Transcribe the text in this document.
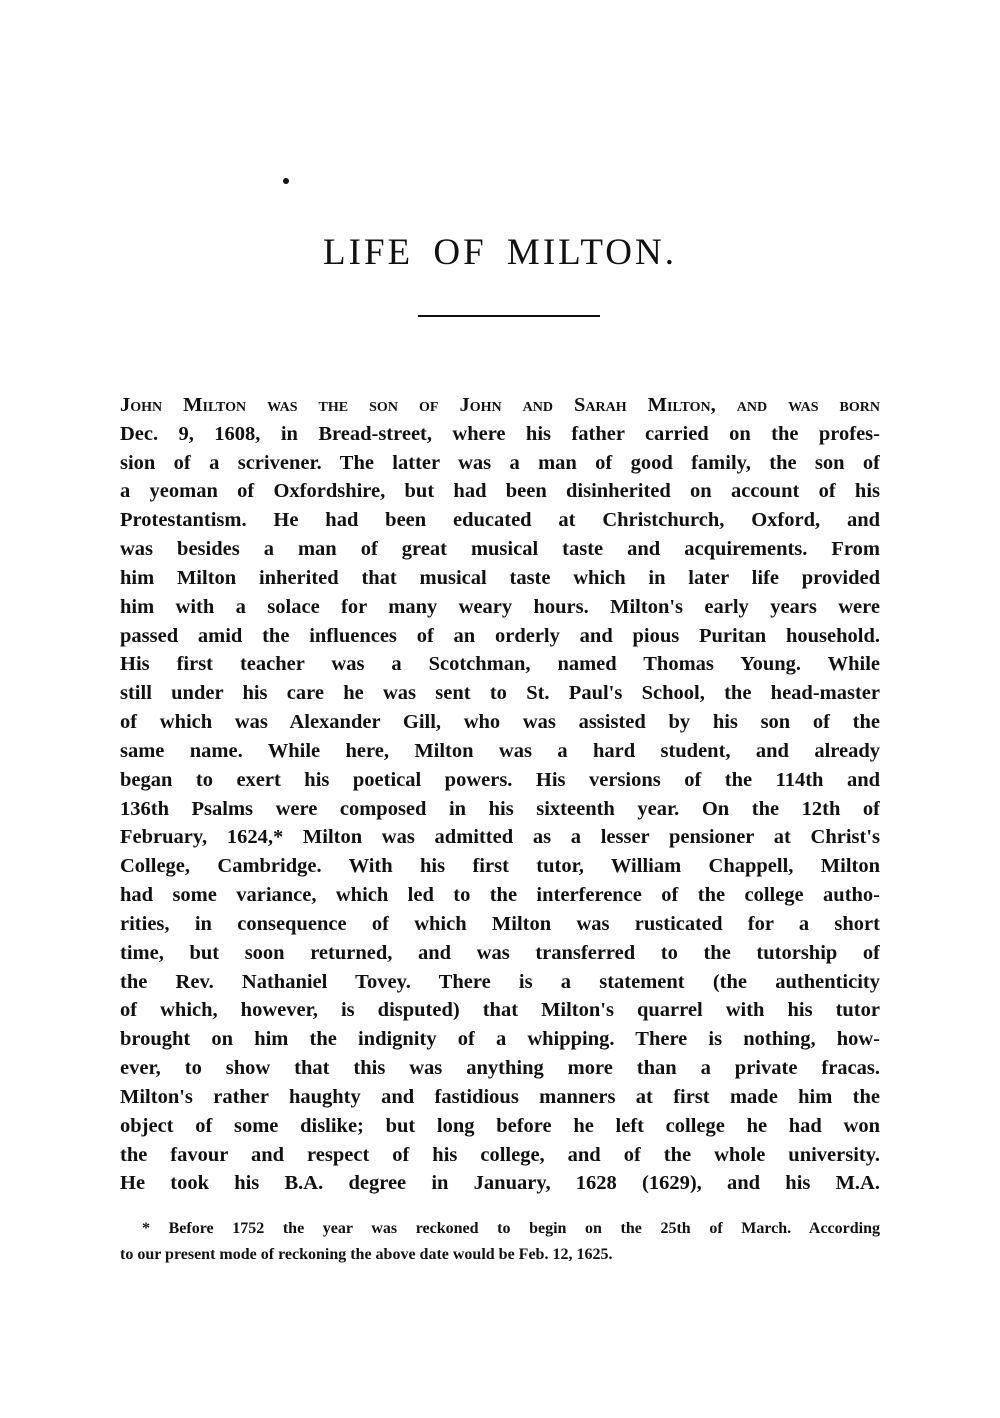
LIFE OF MILTON.
John Milton was the son of John and Sarah Milton, and was born
Dec. 9, 1608, in Bread-street, where his father carried on the profes-
sion of a scrivener. The latter was a man of good family, the son of
a yeoman of Oxfordshire, but had been disinherited on account of his
Protestantism. He had been educated at Christchurch, Oxford, and
was besides a man of great musical taste and acquirements. From
him Milton inherited that musical taste which in later life provided
him with a solace for many weary hours. Milton's early years were
passed amid the influences of an orderly and pious Puritan household.
His first teacher was a Scotchman, named Thomas Young. While
still under his care he was sent to St. Paul's School, the head-master
of which was Alexander Gill, who was assisted by his son of the
same name. While here, Milton was a hard student, and already
began to exert his poetical powers. His versions of the 114th and
136th Psalms were composed in his sixteenth year. On the 12th of
February, 1624,* Milton was admitted as a lesser pensioner at Christ's
College, Cambridge. With his first tutor, William Chappell, Milton
had some variance, which led to the interference of the college autho-
rities, in consequence of which Milton was rusticated for a short
time, but soon returned, and was transferred to the tutorship of
the Rev. Nathaniel Tovey. There is a statement (the authenticity
of which, however, is disputed) that Milton's quarrel with his tutor
brought on him the indignity of a whipping. There is nothing, how-
ever, to show that this was anything more than a private fracas.
Milton's rather haughty and fastidious manners at first made him the
object of some dislike; but long before he left college he had won
the favour and respect of his college, and of the whole university.
He took his B.A. degree in January, 1628 (1629), and his M.A.
* Before 1752 the year was reckoned to begin on the 25th of March. According
to our present mode of reckoning the above date would be Feb. 12, 1625.
